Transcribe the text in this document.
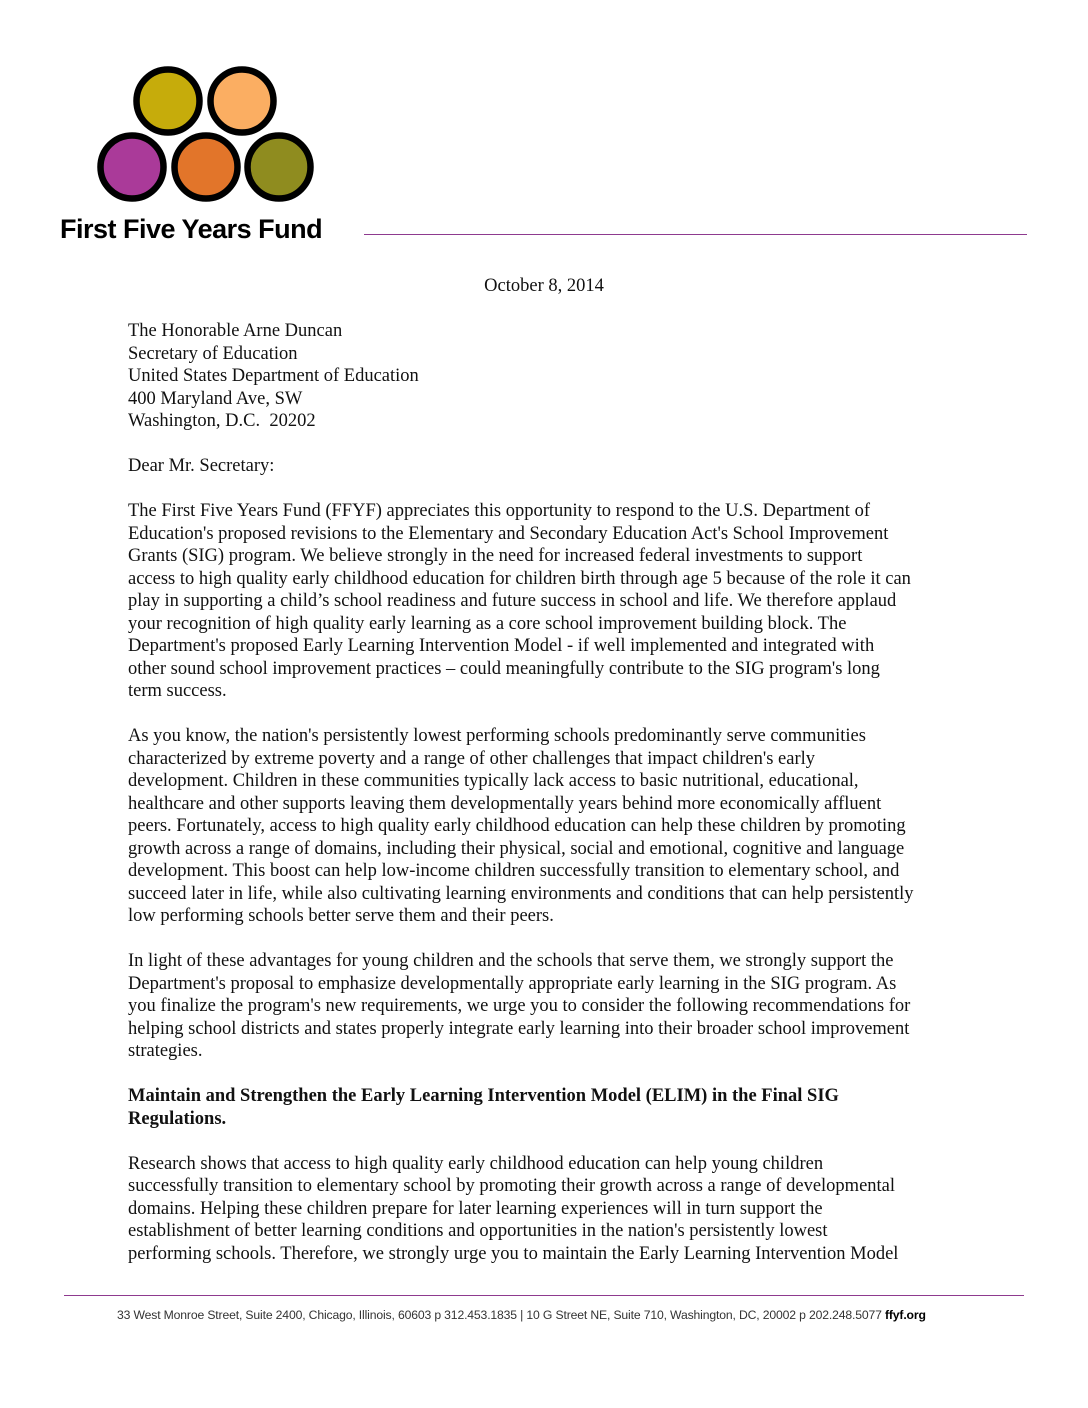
First Five Years Fund
October 8, 2014

The Honorable Arne Duncan
Secretary of Education
United States Department of Education
400 Maryland Ave, SW
Washington, D.C.  20202

Dear Mr. Secretary:

The First Five Years Fund (FFYF) appreciates this opportunity to respond to the U.S. Department of
Education's proposed revisions to the Elementary and Secondary Education Act's School Improvement
Grants (SIG) program. We believe strongly in the need for increased federal investments to support
access to high quality early childhood education for children birth through age 5 because of the role it can
play in supporting a child’s school readiness and future success in school and life. We therefore applaud
your recognition of high quality early learning as a core school improvement building block. The
Department's proposed Early Learning Intervention Model - if well implemented and integrated with
other sound school improvement practices – could meaningfully contribute to the SIG program's long
term success.

As you know, the nation's persistently lowest performing schools predominantly serve communities
characterized by extreme poverty and a range of other challenges that impact children's early
development. Children in these communities typically lack access to basic nutritional, educational,
healthcare and other supports leaving them developmentally years behind more economically affluent
peers. Fortunately, access to high quality early childhood education can help these children by promoting
growth across a range of domains, including their physical, social and emotional, cognitive and language
development. This boost can help low-income children successfully transition to elementary school, and
succeed later in life, while also cultivating learning environments and conditions that can help persistently
low performing schools better serve them and their peers.

In light of these advantages for young children and the schools that serve them, we strongly support the
Department's proposal to emphasize developmentally appropriate early learning in the SIG program. As
you finalize the program's new requirements, we urge you to consider the following recommendations for
helping school districts and states properly integrate early learning into their broader school improvement
strategies.

Maintain and Strengthen the Early Learning Intervention Model (ELIM) in the Final SIG
Regulations.

Research shows that access to high quality early childhood education can help young children
successfully transition to elementary school by promoting their growth across a range of developmental
domains. Helping these children prepare for later learning experiences will in turn support the
establishment of better learning conditions and opportunities in the nation's persistently lowest
performing schools. Therefore, we strongly urge you to maintain the Early Learning Intervention Model

33 West Monroe Street, Suite 2400, Chicago, Illinois, 60603 p 312.453.1835 | 10 G Street NE, Suite 710, Washington, DC, 20002 p 202.248.5077 ffyf.org
